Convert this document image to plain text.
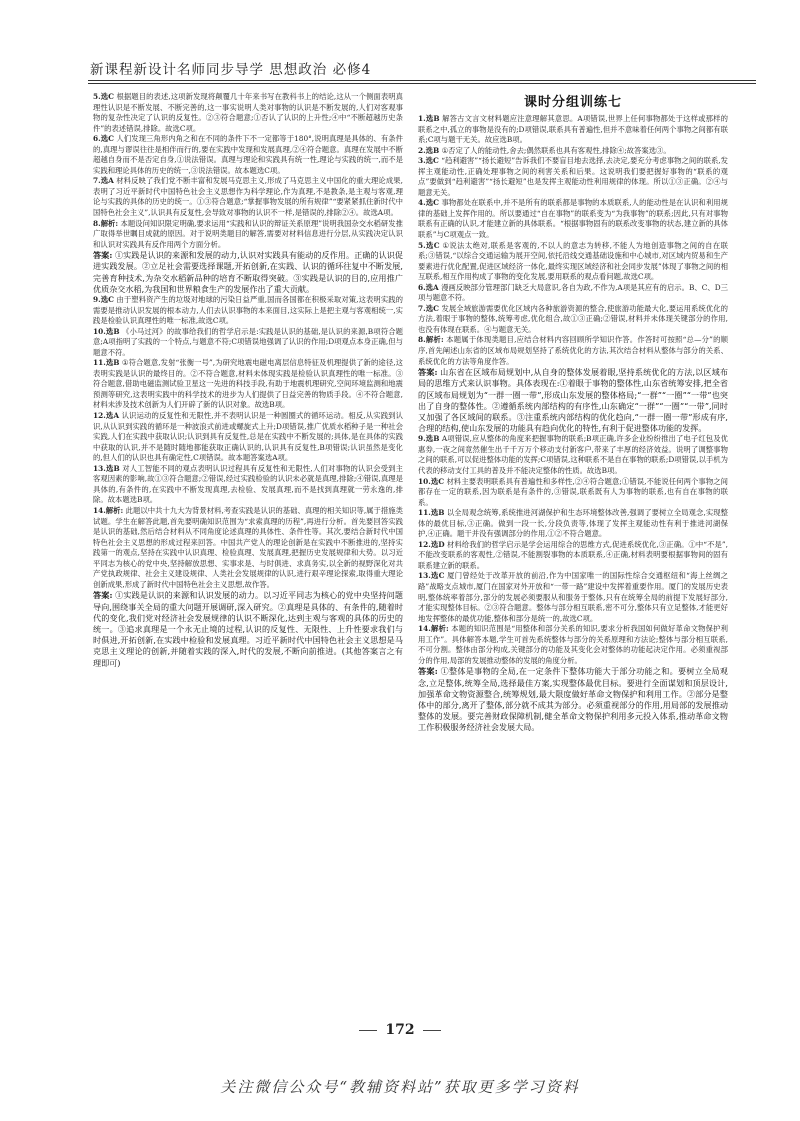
新课程新设计名师同步导学 思想政治 必修4

5.选C 根据题目的表述,这项新发现将颠覆几十年来书写在教科书上的结论,这从一个侧面表明真理性认识是不断发展、不断完善的,这一事实说明人类对事物的认识是不断发展的,人们对客观事物的复杂性决定了认识的反复性。②③符合题意;①否认了认识的上升性;④中“不断超越历史条件”的表述错误,排除。故选C项。

6.选C 人们发现三角形内角之和在不同的条件下不一定都等于180°,说明真理是具体的、有条件的,真理与谬误往往是相伴而行的,要在实践中发现和发展真理,②④符合题意。真理在发展中不断超越自身而不是否定自身,①说法错误。真理与理论和实践具有统一性,理论与实践的统一,而不是实践和理论具体的历史的统一,③说法错误。故本题选C项。

7.选A 材料反映了我们党不断丰富和发展马克思主义,形成了马克思主义中国化的重大理论成果,表明了习近平新时代中国特色社会主义思想作为科学理论,作为真理,不是教条,是主观与客观,理论与实践的具体的历史的统一。①③符合题意;“掌握事物发展的所有规律”“要紧紧抓住新时代中国特色社会主义”,认识具有反复性,会导致对事物的认识不一样,是错误的,排除②④。故选A项。

8.解析: 本题设问知识限定明确,要求运用“实践和认识的辩证关系原理”说明我国杂交水稻研发推广取得举世瞩目成就的原因。对于说明类题目的解答,需要对材料信息进行分层,从实践决定认识和认识对实践具有反作用两个方面分析。

答案: ①实践是认识的来源和发展的动力,认识对实践具有能动的反作用。正确的认识促进实践发展。②立足社会需要选择课题,开拓创新,在实践、认识的循环往复中不断发展,完善育种技术,为杂交水稻新品种的培育不断取得突破。③实践是认识的目的,应用推广优质杂交水稻,为我国和世界粮食生产的发展作出了重大贡献。

9.选C 由于塑料资产生的垃圾对地球的污染日益严重,国而各国都在积极采取对策,这表明实践的需要是推动认识发展的根本动力,人们去认识事物的本来面目,这实际上是把主观与客观相统一,实践是检验认识真理性的唯一标准,故选C项。

10.选B 《小马过河》的故事给我们的哲学启示是:实践是认识的基础,是认识的来源,B项符合题意;A项指明了实践的一个特点,与题意不符;C项错误地强调了认识的作用;D项观点本身正确,但与题意不符。

11.选B ①符合题意,发射“张衡一号”,为研究地震电磁电离层信息特征及机理提供了新的途径,这表明实践是认识的最终目的。②不符合题意,材料未体现实践是检验认识真理性的唯一标准。③符合题意,借助电磁监测试验卫星这一先进的科技手段,有助于地震机理研究,空间环境监测和地震预测等研究,这表明实践中的科学技术的进步为人们提供了日益完善的物质手段。④不符合题意,材料未涉及技术创新为人们开辟了新的认识对象。故选B项。

12.选A 认识运动的反复性和无限性,并不表明认识是一种圆圈式的循环运动。相反,从实践到认识,从认识到实践的循环是一种波浪式前进或螺旋式上升;D项错误,推广优质水稻种子是一种社会实践,人们在实践中获取认识;认识到具有反复性,总是在实践中不断发展的;具体,是在具体的实践中获取的认识,并不是随时随地都能获取正确认识的,认识具有反复性,B项错误;认识虽然是变化的,但人们的认识也具有确定性,C项错误。故本题答案选A项。

13.选B 对人工智能不同的观点表明认识过程具有反复性和无限性,人们对事物的认识会受到主客观因素的影响,故①③符合题意;②错误,经过实践检验的认识未必就是真理,排除;④错误,真理是具体的,有条件的,在实践中不断发现真理,去检验、发展真理,而不是找到真理就一劳永逸的,排除。故本题选B项。

14.解析: 此题以中共十九大为背景材料,考查实践是认识的基础、真理的相关知识等,属于措施类试题。学生在解答此题,首先要明确知识范围为“求索真理的历程”,再进行分析。首先要回答实践是认识的基础,然后结合材料从不同角度论述真理的具体性、条件性等。其次,要结合新时代中国特色社会主义思想的形成过程来回答。中国共产党人的理论创新是在实践中不断推进的,坚持实践第一的观点,坚持在实践中认识真理、检验真理、发展真理,把握历史发展规律和大势。以习近平同志为核心的党中央,坚持解放思想、实事求是、与时俱进、求真务实,以全新的视野深化对共产党执政规律、社会主义建设规律、人类社会发展规律的认识,进行艰辛理论探索,取得重大理论创新成果,形成了新时代中国特色社会主义思想,故作答。

答案: ①实践是认识的来源和认识发展的动力。以习近平同志为核心的党中央坚持问题导向,围绕事关全局的重大问题开展调研,深入研究。②真理是具体的、有条件的,随着时代的变化,我们党对经济社会发展规律的认识不断深化,达到主观与客观的具体的历史的统一。③追求真理是一个永无止境的过程,认识的反复性、无限性、上升性要求我们与时俱进,开拓创新,在实践中检验和发展真理。习近平新时代中国特色社会主义思想是马克思主义理论的创新,并随着实践的深入,时代的发展,不断向前推进。(其他答案言之有理即可)

课时分组训练七

1.选B 解答古文言文材料题应注意理解其意思。A项错误,世界上任何事物都处于这样或那样的联系之中,孤立的事物是没有的;D项错误,联系具有普遍性,但并不意味着任何两个事物之间都有联系;C项与题干无关。故应选B项。

2.选B ①否定了人的能动性,舍去;偶然联系也具有客观性,排除④;故答案选③。

3.选C “趋利避害”“扬长避短”告诉我们不要盲目地去选择,去决定,要充分考虑事物之间的联系,发挥主观能动性,正确处理事物之间的利害关系和后果。这说明我们要把握好事物的“联系的观点”要做到“趋利避害”“扬长避短”也是发挥主观能动性利用规律的体现。所以①③正确。②④与题意无关。

4.选C 事物都处在联系中,并不是所有的联系都是事物的本质联系,人的能动性是在认识和利用规律的基础上发挥作用的。所以要通过“自在事物”的联系变为“为我事物”的联系;因此,只有对事物联系有正确的认识,才能建立新的具体联系。“根据事物固有的联系改变事物的状态,建立新的具体联系”与C项观点一致。

5.选C ①说法太绝对,联系是客观的,不以人的意志为转移,不能人为地创造事物之间的自在联系;③错误,“以综合交通运输为展开空间,依托沿线交通基础设施和中心城市,对区域内贸易和生产要素进行优化配置,促进区域经济一体化,最终实现区域经济和社会同步发展”体现了事物之间的相互联系,相互作用构成了事物的变化发展,要用联系的观点看问题,故选C项。

6.选A 漫画反映部分管理部门缺乏大局意识,各自为政,不作为,A项是其应有的启示。B、C、D三项与题意不符。

7.选C 发展全域旅游需要优化区域内各种旅游资源的整合,使旅游功能最大化,要运用系统优化的方法,着眼于事物的整体,统筹考虑,优化组合,故①③正确;②错误,材料并未体现关键部分的作用,也没有体现在联系。④与题意无关。

8.解析: 本题属于体现类题目,应结合材料内容回顾所学知识作答。作答时可按照“总—分”的顺序,首先阐述山东省的区域布局规划坚持了系统优化的方法,其次结合材料从整体与部分的关系、系统优化的方法等角度作答。

答案: 山东省在区域布局规划中,从自身的整体发展着眼,坚持系统优化的方法,以区域布局的思维方式来认识事物。具体表现在:①着眼于事物的整体性,山东省统筹安排,把全省的区域布局规划为“一群一圈一带”,形成山东发展的整体格局;“一群”“一圈”“一带”也突出了自身的整体性。②遵循系统内部结构的有序性,山东确定“一群”“一圈”“一带”,同时又加强了各区域间的联系。③注重系统内部结构的优化趋向,“一群一圈一带”形成有序,合理的结构,使山东发展的功能具有趋向优化的特性,有利于促进整体功能的发挥。

9.选B A项错误,应从整体的角度来把握事物的联系;B项正确,许多企业纷纷推出了电子红包及优惠券,一夜之间竟然催生出千千万万个移动支付新客户,带来了丰厚的经济效益。说明了调整事物之间的联系,可以促进整体功能的发挥;C项错误,这种联系不是自在事物的联系;D项错误,以手机为代表的移动支付工具的普及并不能决定整体的性质。故选B项。

10.选C 材料主要表明联系具有普遍性和多样性,②④符合题意;①错误,不能说任何两个事物之间都存在一定的联系,因为联系是有条件的,③错误,联系既有人为事物的联系,也有自在事物的联系。

11.选B 以全局观念统筹,系统推进河湖保护和生态环境整体改善,强调了要树立全局观念,实现整体的最优目标,③正确。做到一段一长,分段负责等,体现了发挥主观能动性有利于推进河湖保护,④正确。题干并没有强调部分的作用,①②不符合题意。

12.选D 材料给我们的哲学启示是学会运用综合的思维方式,促进系统优化,③正确。①中“不是”,不能改变联系的客观性,②错误,不能割裂事物的本质联系,④正确,材料表明要根据事物间的固有联系建立新的联系。

13.选C 厦门曾经处于改革开放的前沿,作为中国家唯一的国际性综合交通枢纽和“海上丝绸之路”战略支点城市,厦门在国家对外开放和“一带一路”建设中发挥着重要作用。厦门的发展历史表明,整体统率着部分,部分的发展必须要服从和服务于整体,只有在统筹全局的前提下发展好部分,才能实现整体目标。②③符合题意。整体与部分相互联系,密不可分,整体只有立足整体,才能更好地发挥整体的最优功能,整体和部分是统一的,故选C项。

14.解析: 本题的知识范围是“用整体和部分关系的知识,要求分析我国如何做好革命文物保护利用工作”。具体解答本题,学生可首先系统整体与部分的关系原理和方法论;整体与部分相互联系,不可分割。整体由部分构成,关键部分的功能及其变化会对整体的功能起决定作用。必须重视部分的作用,局部的发展推动整体的发展的角度分析。

答案: ①整体是事物的全局,在一定条件下整体功能大于部分功能之和。要树立全局观念,立足整体,统筹全局,选择最佳方案,实现整体最优目标。要进行全面谋划和顶层设计,加强革命文物资源整合,统筹规划,最大限度做好革命文物保护和利用工作。②部分是整体中的部分,离开了整体,部分就不成其为部分。必须重视部分的作用,用局部的发展推动整体的发展。要完善财政保障机制,健全革命文物保护利用多元投入体系,推动革命文物工作积极服务经济社会发展大局。

172
关注微信公众号“教辅资料站”获取更多学习资料
